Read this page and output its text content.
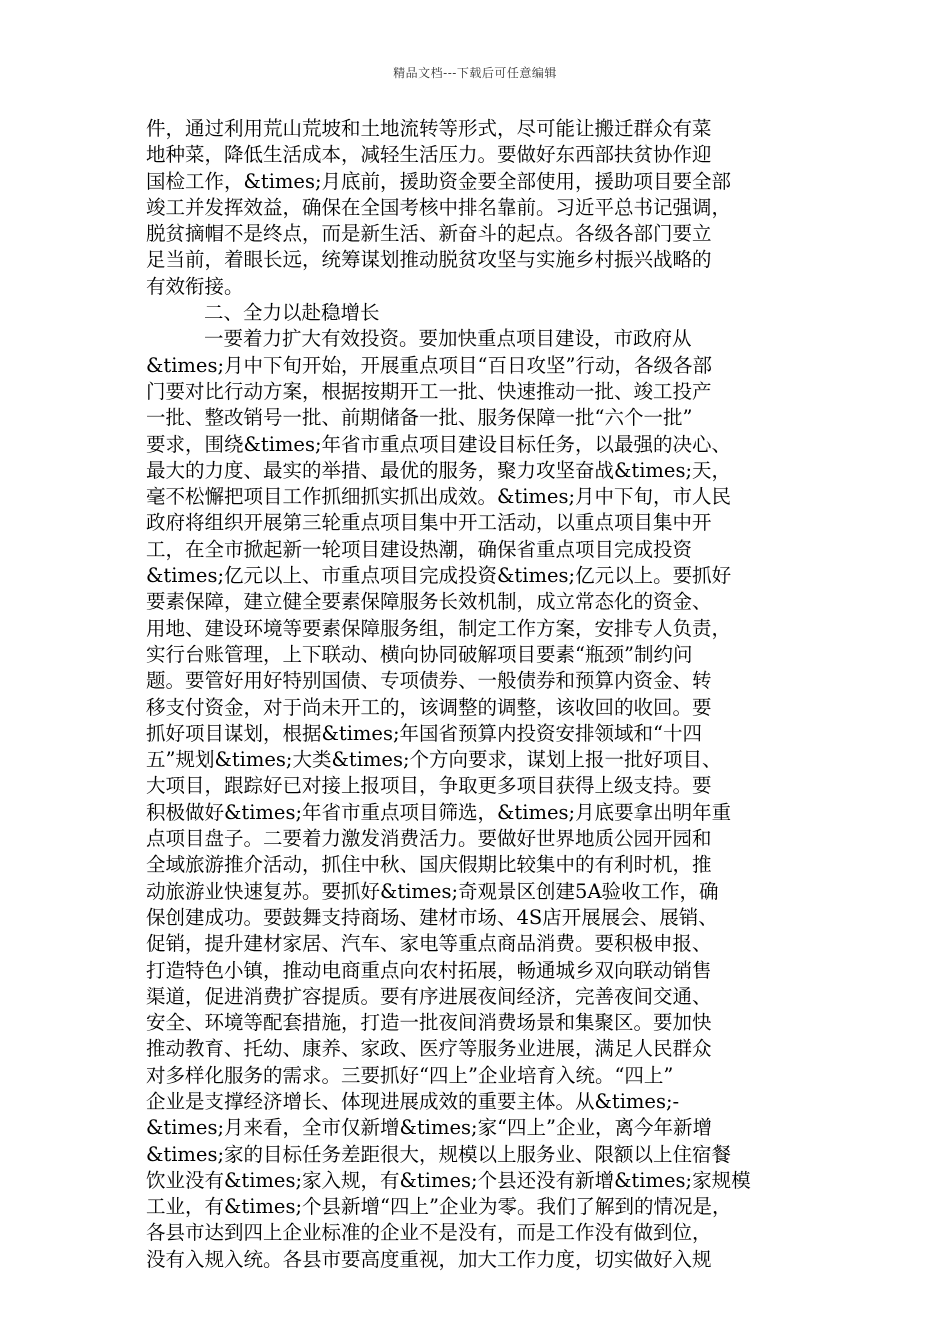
精品文档---下载后可任意编辑
件，通过利用荒山荒坡和土地流转等形式，尽可能让搬迁群众有菜
地种菜，降低生活成本，减轻生活压力。要做好东西部扶贫协作迎
国检工作，&times;月底前，援助资金要全部使用，援助项目要全部
竣工并发挥效益，确保在全国考核中排名靠前。习近平总书记强调，
脱贫摘帽不是终点，而是新生活、新奋斗的起点。各级各部门要立
足当前，着眼长远，统筹谋划推动脱贫攻坚与实施乡村振兴战略的
有效衔接。
二、全力以赴稳增长
一要着力扩大有效投资。要加快重点项目建设，市政府从
&times;月中下旬开始，开展重点项目“百日攻坚”行动，各级各部
门要对比行动方案，根据按期开工一批、快速推动一批、竣工投产
一批、整改销号一批、前期储备一批、服务保障一批“六个一批”
要求，围绕&times;年省市重点项目建设目标任务，以最强的决心、
最大的力度、最实的举措、最优的服务，聚力攻坚奋战&times;天，
毫不松懈把项目工作抓细抓实抓出成效。&times;月中下旬，市人民
政府将组织开展第三轮重点项目集中开工活动，以重点项目集中开
工，在全市掀起新一轮项目建设热潮，确保省重点项目完成投资
&times;亿元以上、市重点项目完成投资&times;亿元以上。要抓好
要素保障，建立健全要素保障服务长效机制，成立常态化的资金、
用地、建设环境等要素保障服务组，制定工作方案，安排专人负责，
实行台账管理，上下联动、横向协同破解项目要素“瓶颈”制约问
题。要管好用好特别国债、专项债券、一般债券和预算内资金、转
移支付资金，对于尚未开工的，该调整的调整，该收回的收回。要
抓好项目谋划，根据&times;年国省预算内投资安排领域和“十四
五”规划&times;大类&times;个方向要求，谋划上报一批好项目、
大项目，跟踪好已对接上报项目，争取更多项目获得上级支持。要
积极做好&times;年省市重点项目筛选，&times;月底要拿出明年重
点项目盘子。二要着力激发消费活力。要做好世界地质公园开园和
全域旅游推介活动，抓住中秋、国庆假期比较集中的有利时机，推
动旅游业快速复苏。要抓好&times;奇观景区创建5A验收工作，确
保创建成功。要鼓舞支持商场、建材市场、4S店开展展会、展销、
促销，提升建材家居、汽车、家电等重点商品消费。要积极申报、
打造特色小镇，推动电商重点向农村拓展，畅通城乡双向联动销售
渠道，促进消费扩容提质。要有序进展夜间经济，完善夜间交通、
安全、环境等配套措施，打造一批夜间消费场景和集聚区。要加快
推动教育、托幼、康养、家政、医疗等服务业进展，满足人民群众
对多样化服务的需求。三要抓好“四上”企业培育入统。“四上”
企业是支撑经济增长、体现进展成效的重要主体。从&times;-
&times;月来看，全市仅新增&times;家“四上”企业，离今年新增
&times;家的目标任务差距很大，规模以上服务业、限额以上住宿餐
饮业没有&times;家入规，有&times;个县还没有新增&times;家规模
工业，有&times;个县新增“四上”企业为零。我们了解到的情况是，
各县市达到四上企业标准的企业不是没有，而是工作没有做到位，
没有入规入统。各县市要高度重视，加大工作力度，切实做好入规
